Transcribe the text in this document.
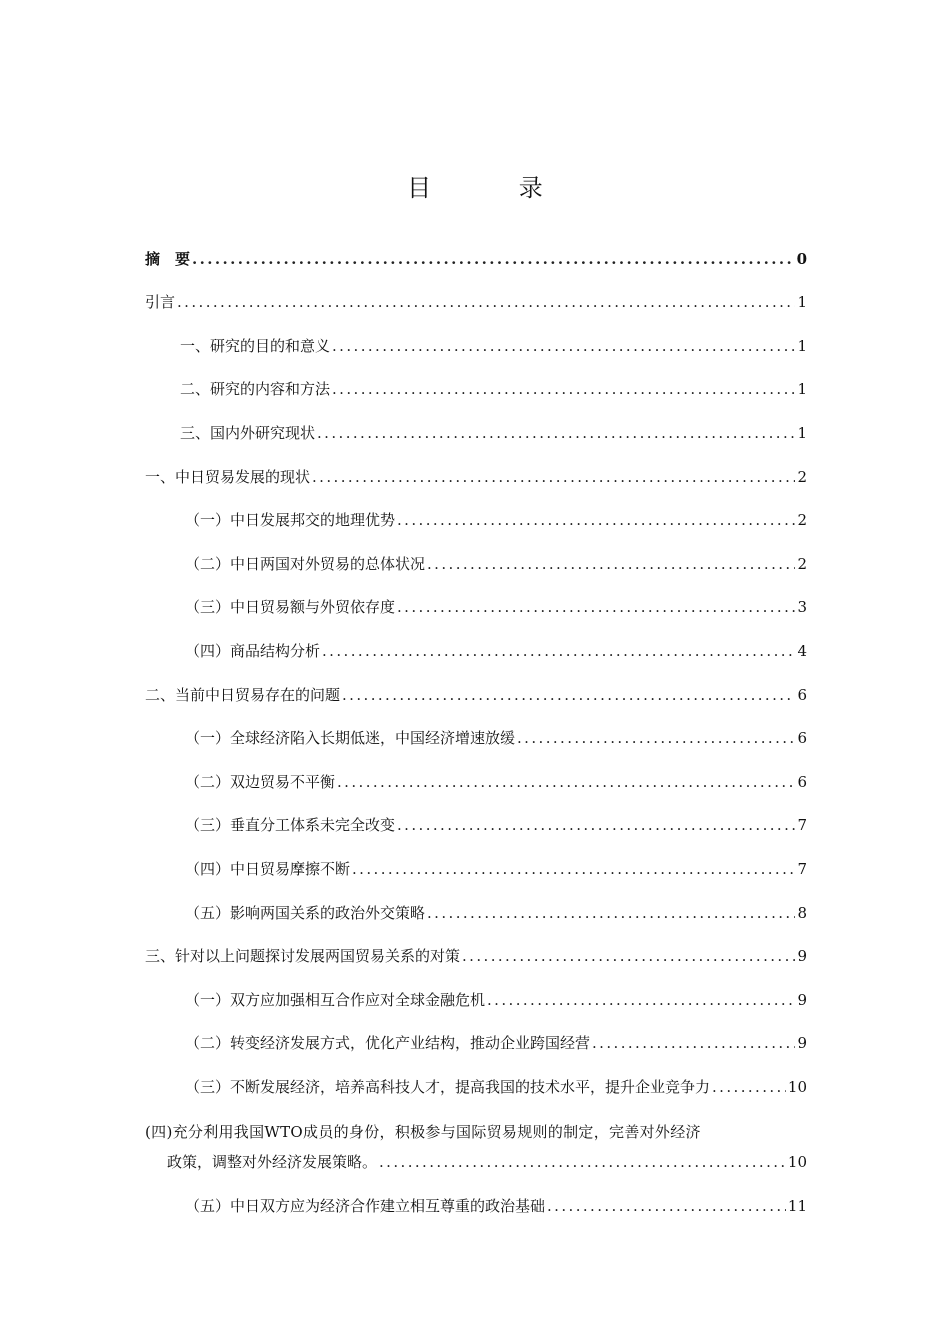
目 录
摘　要 .....	0
引言 .....	1
一、研究的目的和意义 .....	1
二、研究的内容和方法 .....	1
三、国内外研究现状 .....	1
一、中日贸易发展的现状 .....	2
（一）中日发展邦交的地理优势 .....	2
（二）中日两国对外贸易的总体状况 .....	2
（三）中日贸易额与外贸依存度 .....	3
（四）商品结构分析 .....	4
二、当前中日贸易存在的问题 .....	6
（一）全球经济陷入长期低迷，中国经济增速放缓 .....	6
（二）双边贸易不平衡 .....	6
（三）垂直分工体系未完全改变 .....	7
（四）中日贸易摩擦不断 .....	7
（五）影响两国关系的政治外交策略 .....	8
三、针对以上问题探讨发展两国贸易关系的对策 .....	9
（一）双方应加强相互合作应对全球金融危机 .....	9
（二）转变经济发展方式，优化产业结构，推动企业跨国经营 .....	9
（三）不断发展经济，培养高科技人才，提高我国的技术水平，提升企业竞争力 .....	10
(四)充分利用我国WTO成员的身份，积极参与国际贸易规则的制定，完善对外经济
政策，调整对外经济发展策略。 .....	10
（五）中日双方应为经济合作建立相互尊重的政治基础 .....	11
